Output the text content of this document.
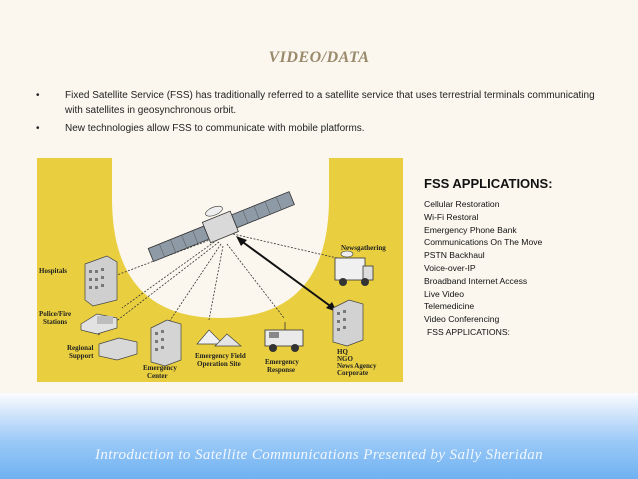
VIDEO/DATA
•	Fixed Satellite Service (FSS) has traditionally referred to a satellite service that uses terrestrial terminals communicating with satellites in geosynchronous orbit.
•	New technologies allow FSS to communicate with mobile platforms.
Hospitals
Police/Fire
Stations
Regional
Support
Emergency
Center
Emergency Field
Operation Site	Emergency
Response
HQ
NGO
News Agency
Corporate
Newsgathering
FSS APPLICATIONS:
Cellular Restoration
Wi-Fi Restoral
Emergency Phone Bank
Communications On The Move
PSTN Backhaul
Voice-over-IP
Broadband Internet Access
Live Video
Telemedicine
Video Conferencing
FSS APPLICATIONS:
Introduction to Satellite Communications Presented by Sally Sheridan
